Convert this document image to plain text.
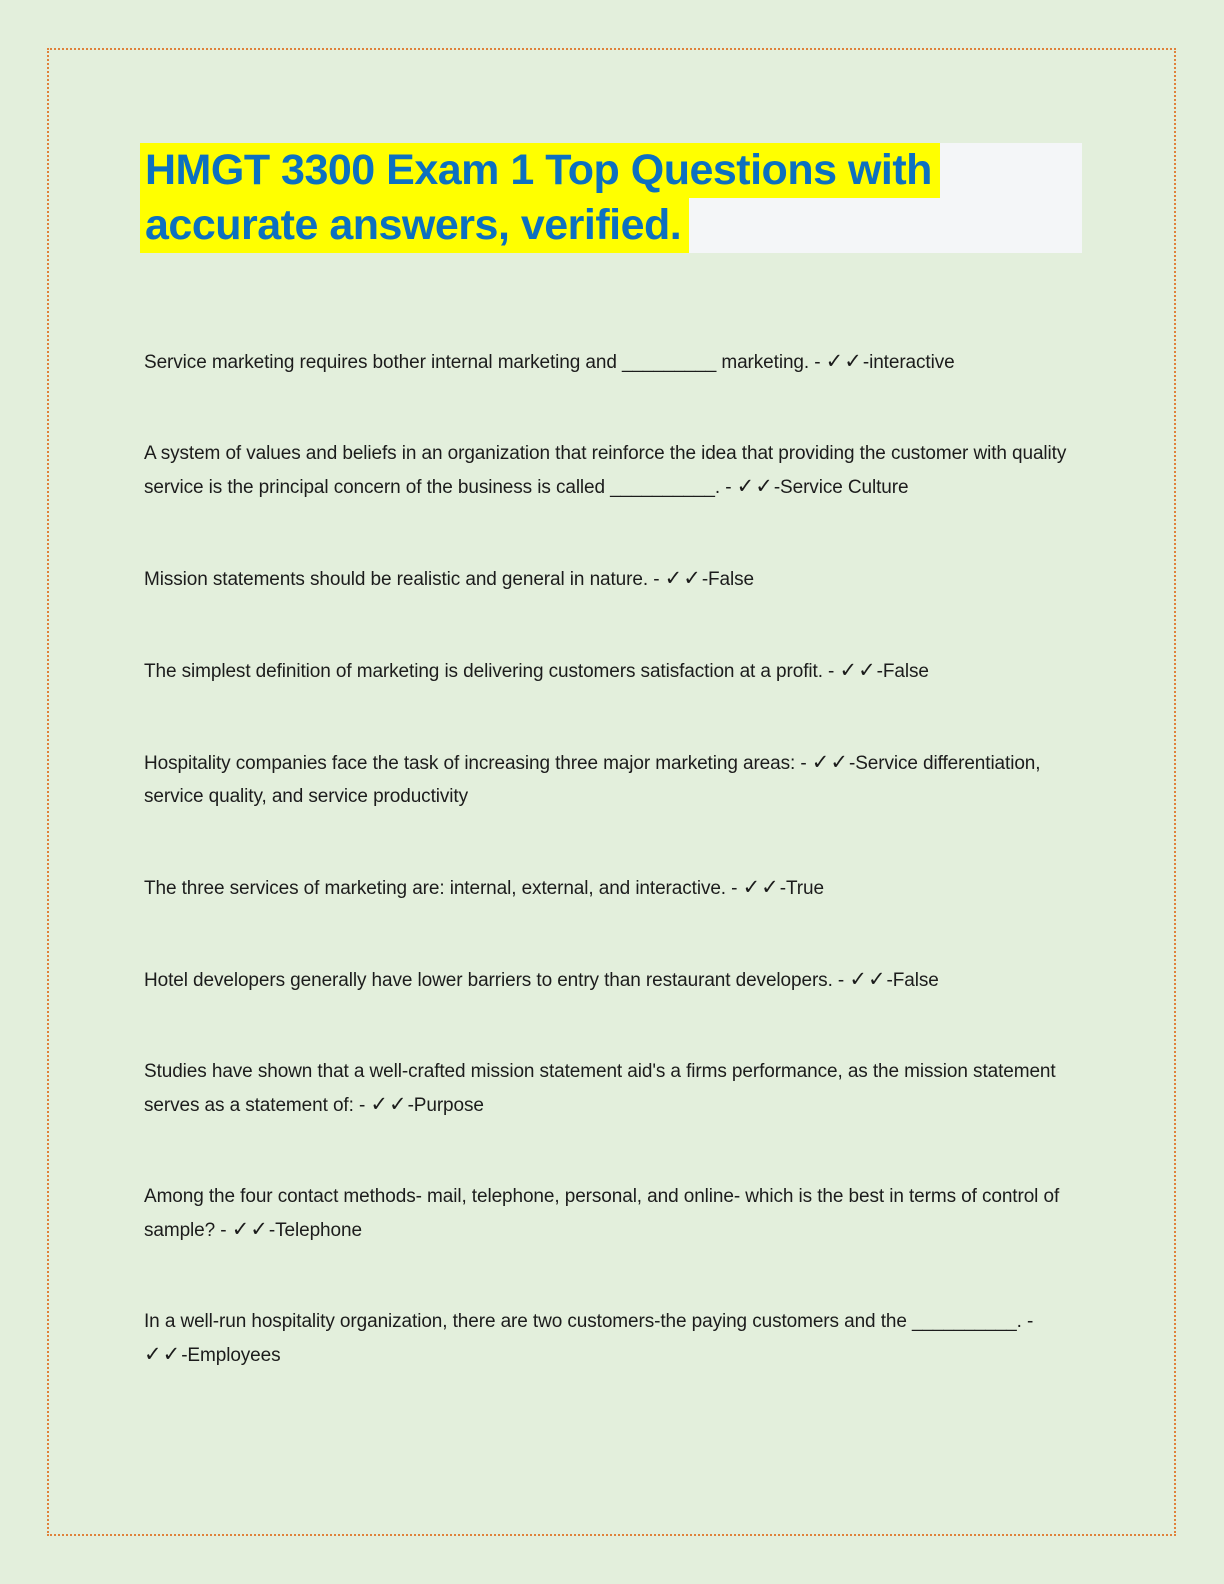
HMGT 3300 Exam 1 Top Questions with
accurate answers, verified.

Service marketing requires bother internal marketing and _________ marketing. - ✓✓-interactive

A system of values and beliefs in an organization that reinforce the idea that providing the customer with quality service is the principal concern of the business is called __________. - ✓✓-Service Culture

Mission statements should be realistic and general in nature. - ✓✓-False

The simplest definition of marketing is delivering customers satisfaction at a profit. - ✓✓-False

Hospitality companies face the task of increasing three major marketing areas: - ✓✓-Service differentiation, service quality, and service productivity

The three services of marketing are: internal, external, and interactive. - ✓✓-True

Hotel developers generally have lower barriers to entry than restaurant developers. - ✓✓-False

Studies have shown that a well-crafted mission statement aid's a firms performance, as the mission statement serves as a statement of: - ✓✓-Purpose

Among the four contact methods- mail, telephone, personal, and online- which is the best in terms of control of sample? - ✓✓-Telephone

In a well-run hospitality organization, there are two customers-the paying customers and the __________. - ✓✓-Employees
